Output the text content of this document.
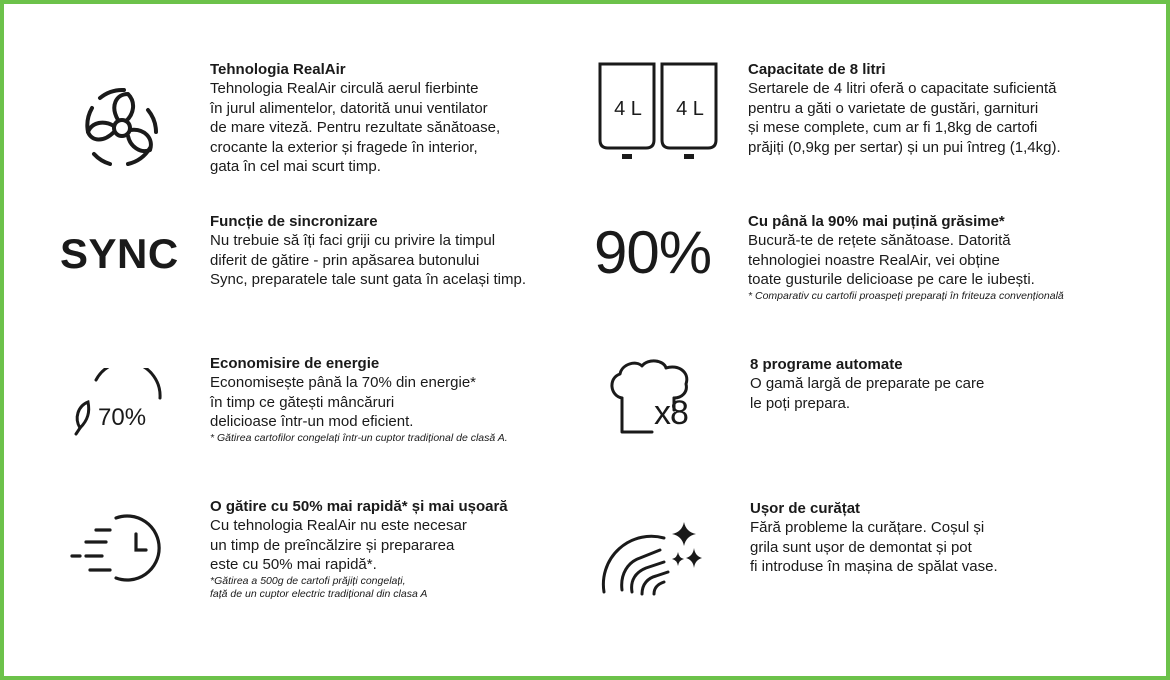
Tehnologia RealAir

Tehnologia RealAir circulă aerul fierbinte
în jurul alimentelor, datorită unui ventilator
de mare viteză. Pentru rezultate sănătoase,
crocante la exterior și fragede în interior,
gata în cel mai scurt timp.

4 L	4 L

Capacitate de 8 litri

Sertarele de 4 litri oferă o capacitate suficientă
pentru a găti o varietate de gustări, garnituri
și mese complete, cum ar fi 1,8kg de cartofi
prăjiți (0,9kg per sertar) și un pui întreg (1,4kg).

SYNC

Funcție de sincronizare

Nu trebuie să îți faci griji cu privire la timpul
diferit de gătire - prin apăsarea butonului
Sync, preparatele tale sunt gata în același timp.	90% Cu până la 90% mai puțină grăsime*

Bucură-te de rețete sănătoase. Datorită
tehnologiei noastre RealAir, vei obține
toate gusturile delicioase pe care le iubești.

* Comparativ cu cartofii proaspeți preparați în friteuza convențională

70%

Economisire de energie

Economisește până la 70% din energie*
în timp ce gătești mâncăruri
delicioase într-un mod eficient.

* Gătirea cartofilor congelați într-un cuptor tradițional de clasă A.

x8

8 programe automate

O gamă largă de preparate pe care
le poți prepara.

O gătire cu 50% mai rapidă* și mai ușoară

Cu tehnologia RealAir nu este necesar
un timp de preîncălzire și prepararea
este cu 50% mai rapidă*.

*Gătirea a 500g de cartofi prăjiți congelați,
față de un cuptor electric tradițional din clasa A

Ușor de curățat

Fără probleme la curățare. Coșul și
grila sunt ușor de demontat și pot
fi introduse în mașina de spălat vase.
